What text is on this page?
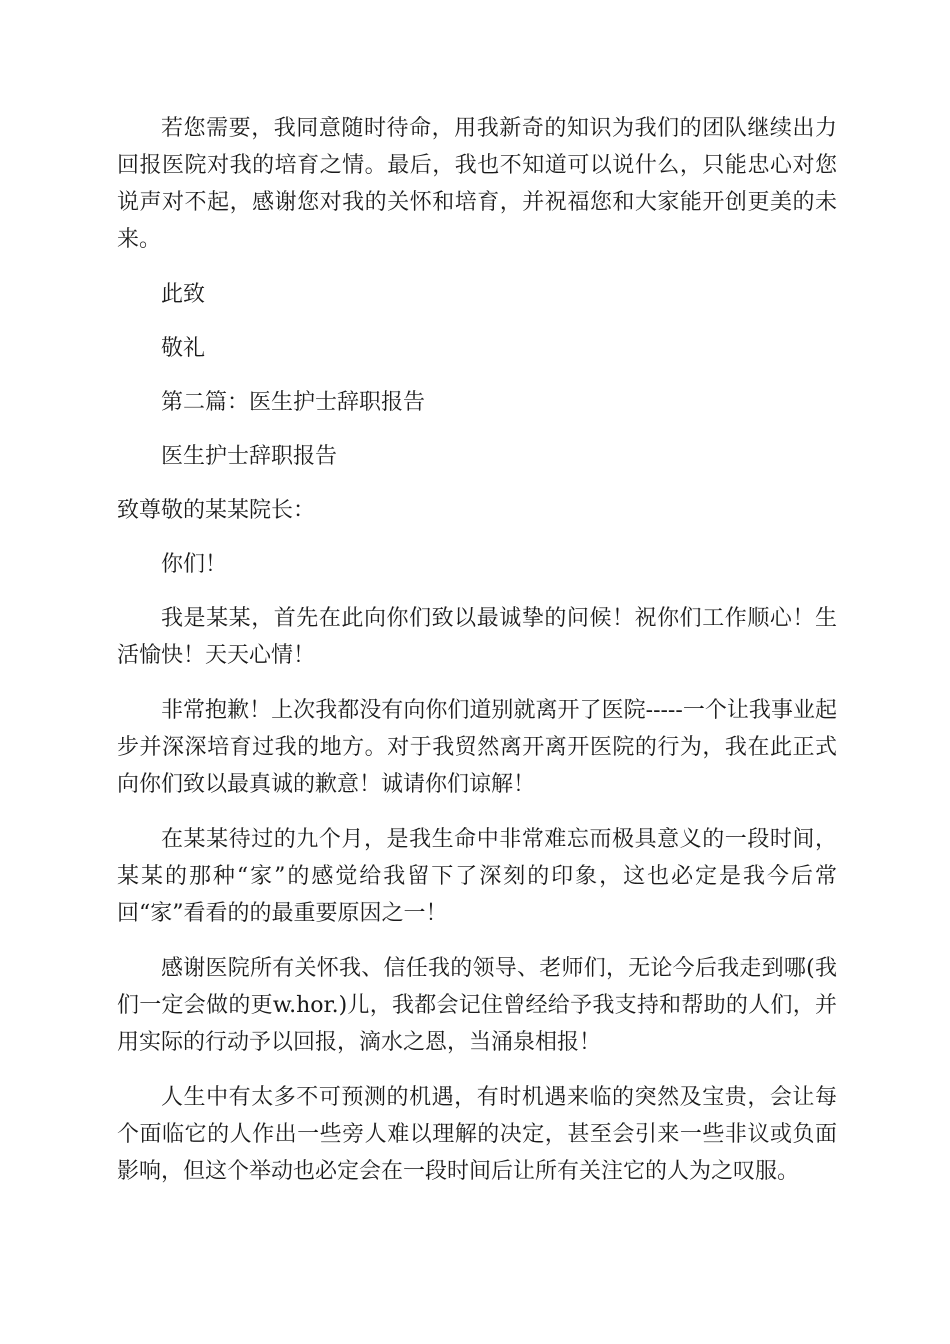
若您需要，我同意随时待命，用我新奇的知识为我们的团队继续出力回报医院对我的培育之情。最后，我也不知道可以说什么，只能忠心对您说声对不起，感谢您对我的关怀和培育，并祝福您和大家能开创更美的未来。

此致

敬礼

第二篇：医生护士辞职报告

医生护士辞职报告

致尊敬的某某院长：

你们！

我是某某，首先在此向你们致以最诚挚的问候！祝你们工作顺心！生活愉快！天天心情！

非常抱歉！上次我都没有向你们道别就离开了医院-----一个让我事业起步并深深培育过我的地方。对于我贸然离开离开医院的行为，我在此正式向你们致以最真诚的歉意！诚请你们谅解！

在某某待过的九个月，是我生命中非常难忘而极具意义的一段时间，某某的那种“家”的感觉给我留下了深刻的印象，这也必定是我今后常回“家”看看的的最重要原因之一！

感谢医院所有关怀我、信任我的领导、老师们，无论今后我走到哪(我们一定会做的更w.hor.)儿，我都会记住曾经给予我支持和帮助的人们，并用实际的行动予以回报，滴水之恩，当涌泉相报！

人生中有太多不可预测的机遇，有时机遇来临的突然及宝贵，会让每个面临它的人作出一些旁人难以理解的决定，甚至会引来一些非议或负面影响，但这个举动也必定会在一段时间后让所有关注它的人为之叹服。
